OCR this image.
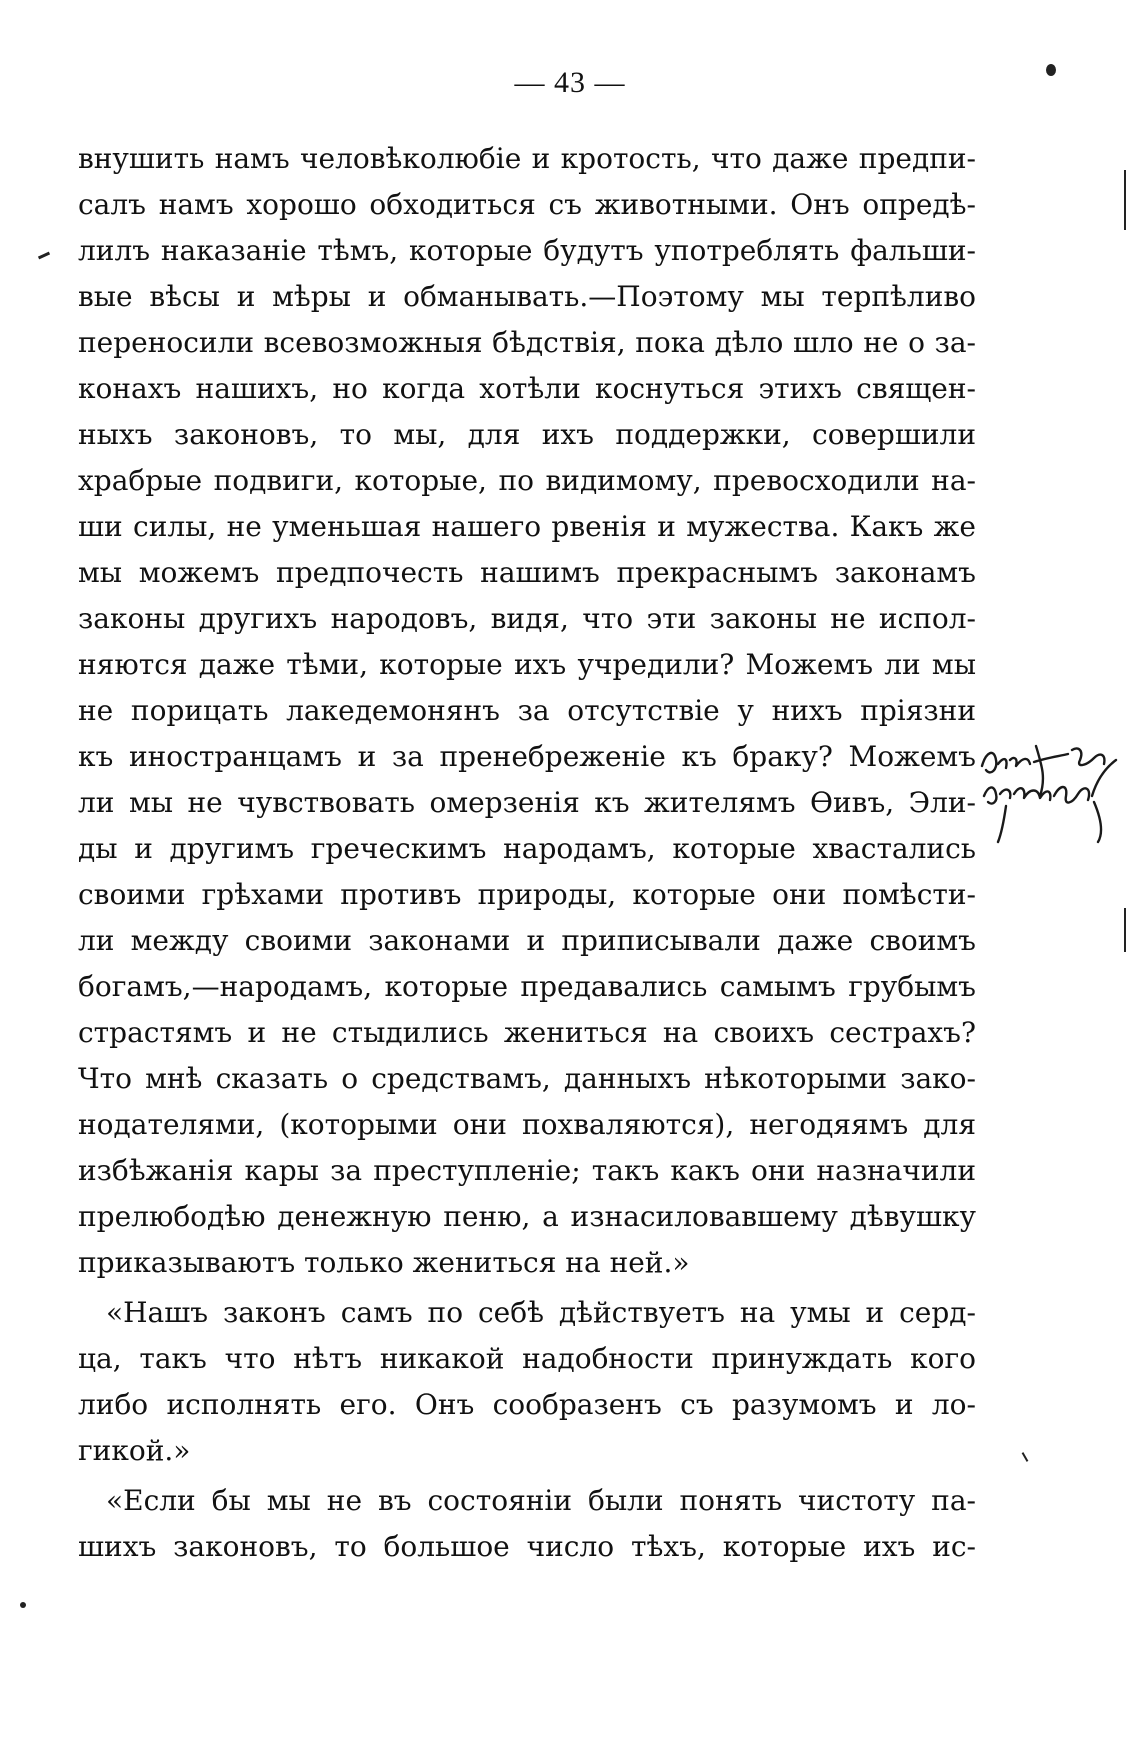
— 43 —
внушить намъ человѣколюбіе и кротость, что даже предпи-
салъ намъ хорошо обходиться съ животными. Онъ опредѣ-
лилъ наказаніе тѣмъ, которые будутъ употреблять фальши-
вые вѣсы и мѣры и обманывать.—Поэтому мы терпѣливо
переносили всевозможныя бѣдствія, пока дѣло шло не о за-
конахъ нашихъ, но когда хотѣли коснуться этихъ священ-
ныхъ законовъ, то мы, для ихъ поддержки, совершили
храбрые подвиги, которые, по видимому, превосходили на-
ши силы, не уменьшая нашего рвенія и мужества. Какъ же
мы можемъ предпочесть нашимъ прекраснымъ законамъ
законы другихъ народовъ, видя, что эти законы не испол-
няются даже тѣми, которые ихъ учредили? Можемъ ли мы
не порицать лакедемонянъ за отсутствіе у нихъ пріязни
къ иностранцамъ и за пренебреженіе къ браку? Можемъ
ли мы не чувствовать омерзенія къ жителямъ Ѳивъ, Эли-
ды и другимъ греческимъ народамъ, которые хвастались
своими грѣхами противъ природы, которые они помѣсти-
ли между своими законами и приписывали даже своимъ
богамъ,—народамъ, которые предавались самымъ грубымъ
страстямъ и не стыдились жениться на своихъ сестрахъ?
Что мнѣ сказать о средствамъ, данныхъ нѣкоторыми зако-
нодателями, (которыми они похваляются), негодяямъ для
избѣжанія кары за преступленіе; такъ какъ они назначили
прелюбодѣю денежную пеню, а изнасиловавшему дѣвушку
приказываютъ только жениться на ней.»
«Нашъ законъ самъ по себѣ дѣйствуетъ на умы и серд-
ца, такъ что нѣтъ никакой надобности принуждать кого
либо исполнять его. Онъ сообразенъ съ разумомъ и ло-
гикой.»
«Если бы мы не въ состояніи были понять чистоту па-
шихъ законовъ, то большое число тѣхъ, которые ихъ ис-
